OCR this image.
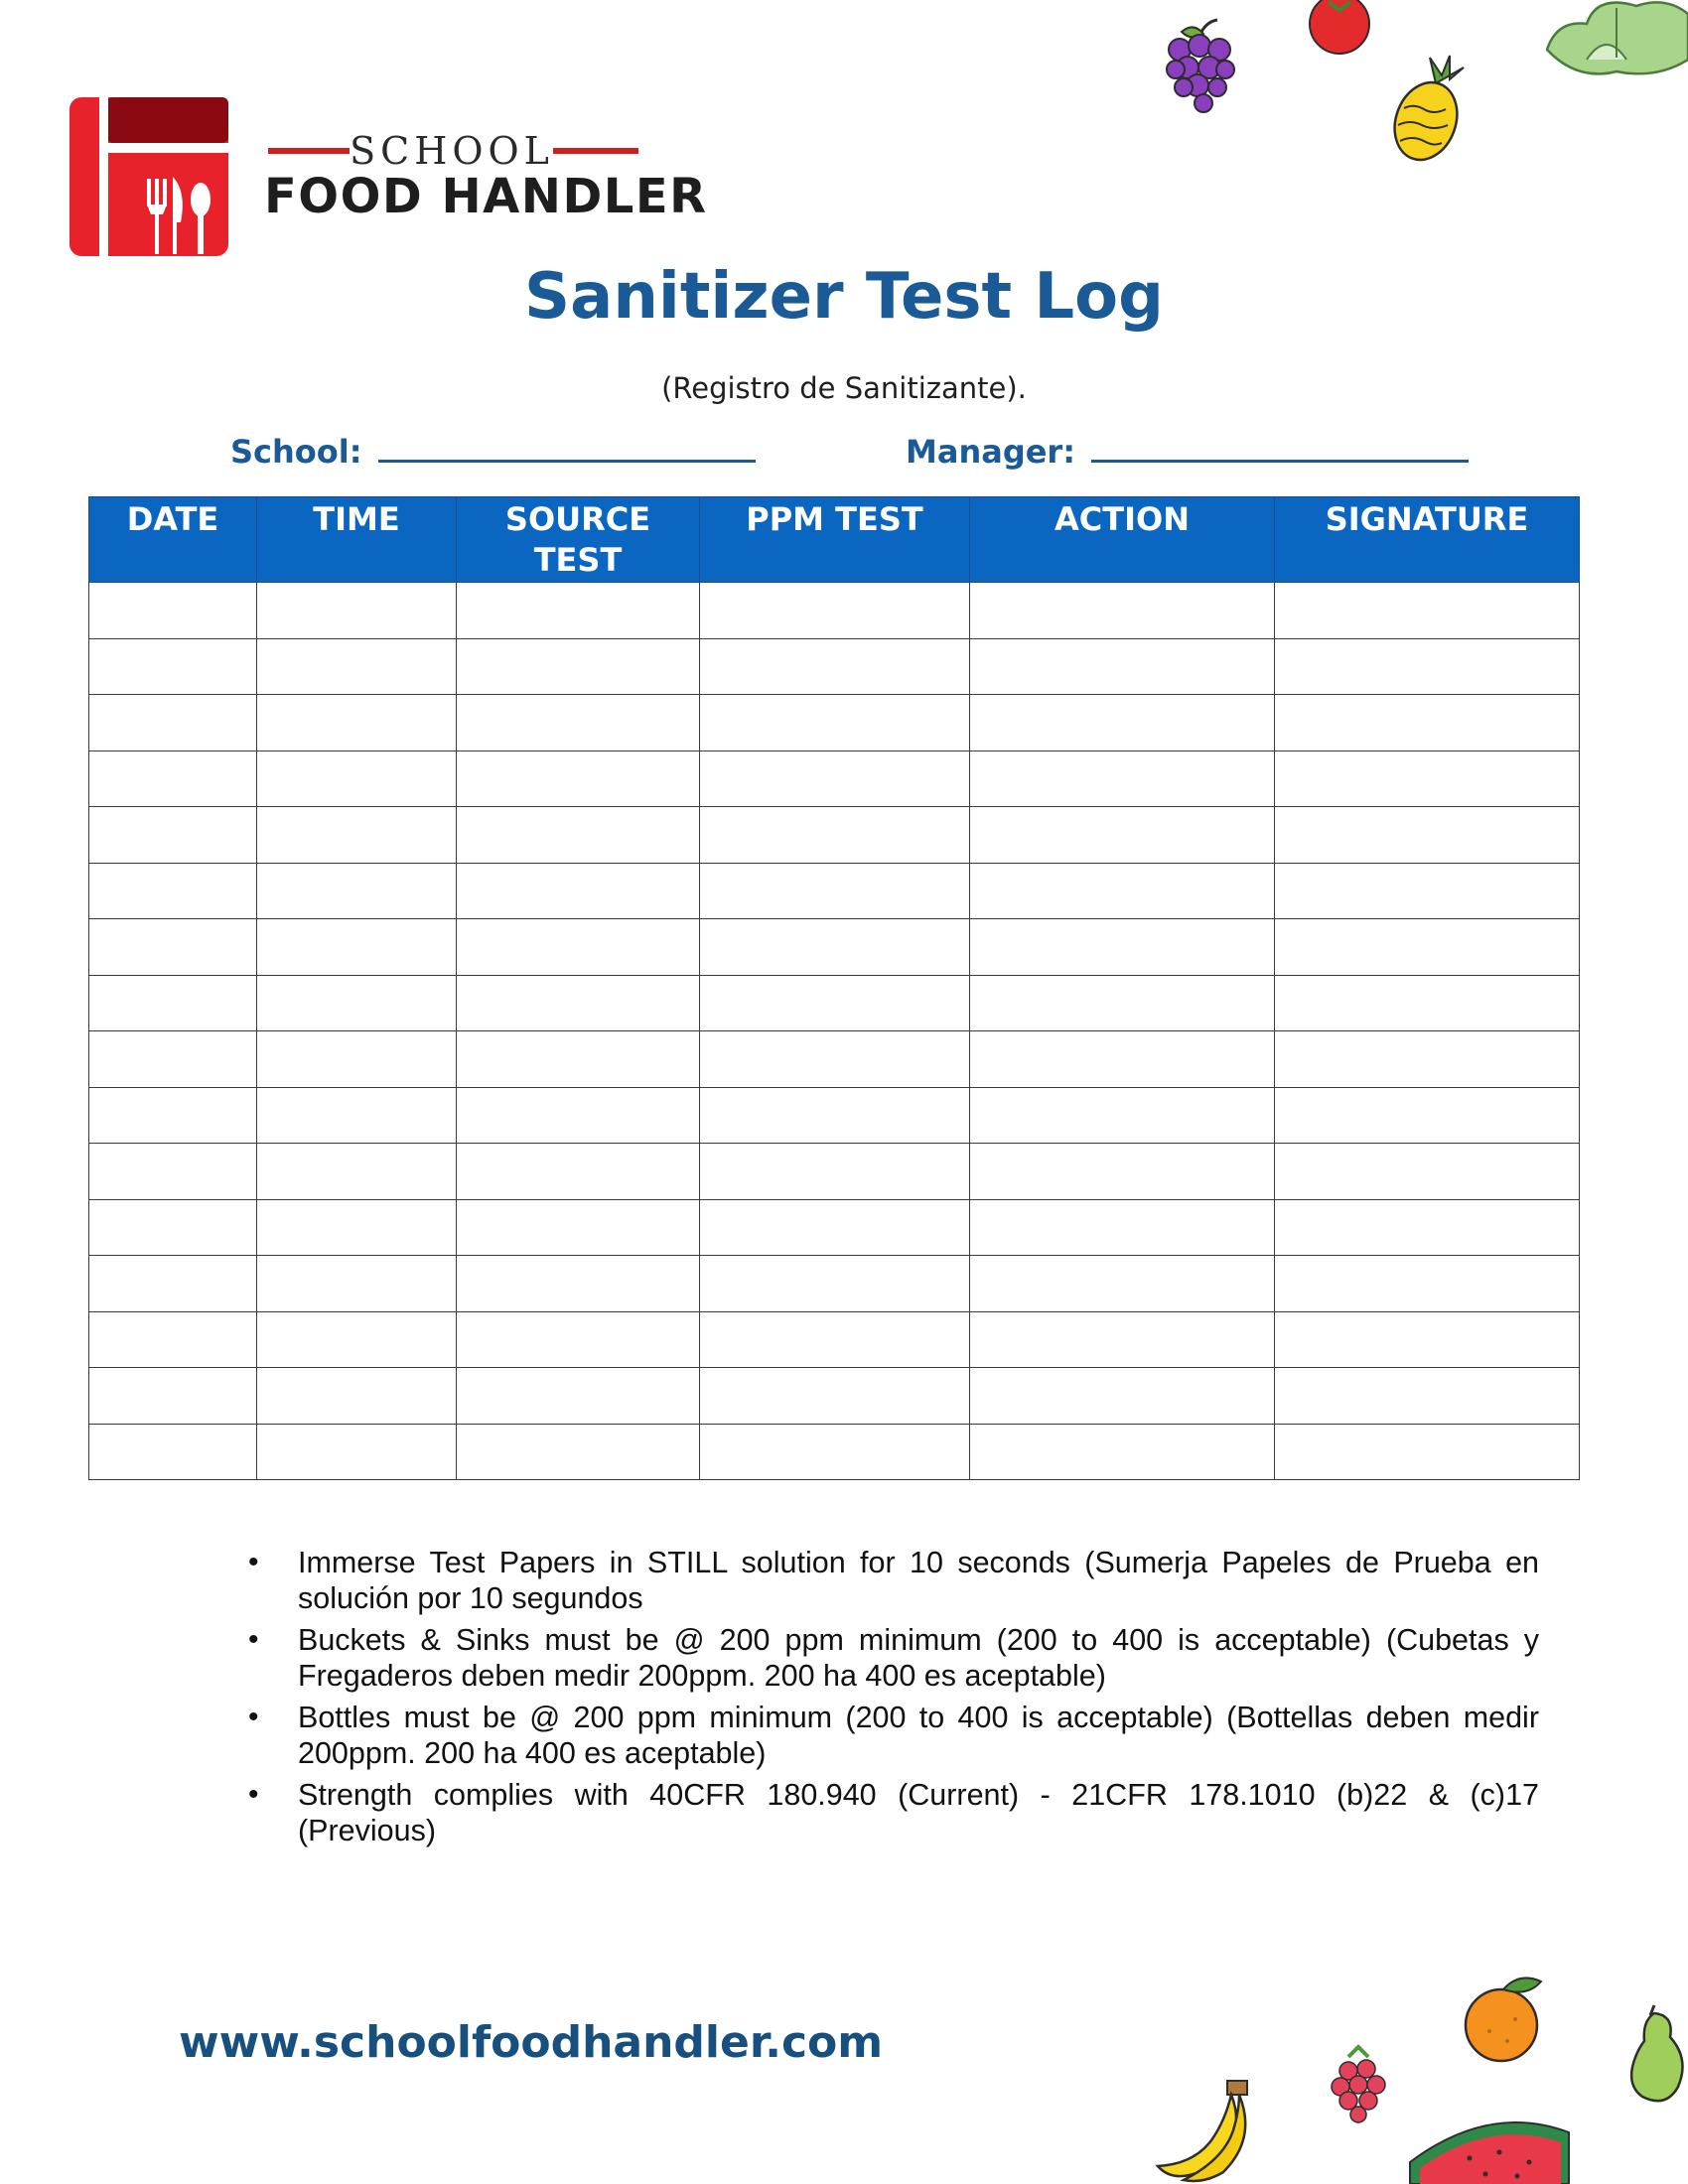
SCHOOL
FOOD HANDLER
Sanitizer Test Log
(Registro de Sanitizante).
School:	Manager:
DATE	TIME	SOURCE TEST	PPM TEST	ACTION	SIGNATURE

• Immerse Test Papers in STILL solution for 10 seconds (Sumerja Papeles de Prueba en solución por 10 segundos
• Buckets & Sinks must be @ 200 ppm minimum (200 to 400 is acceptable) (Cubetas y Fregaderos deben medir 200ppm. 200 ha 400 es aceptable)
• Bottles must be @ 200 ppm minimum (200 to 400 is acceptable) (Bottellas deben medir 200ppm. 200 ha 400 es aceptable)
• Strength complies with 40CFR 180.940 (Current) - 21CFR 178.1010 (b)22 & (c)17 (Previous)
www.schoolfoodhandler.com
